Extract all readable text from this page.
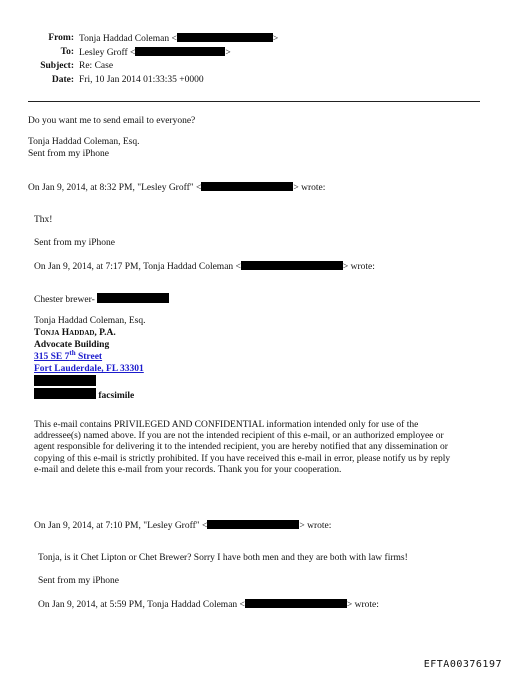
From: Tonja Haddad Coleman <	>
To: Lesley Groff <	>
Subject: Re: Case
Date: Fri, 10 Jan 2014 01:33:35 +0000
Do you want me to send email to everyone?
Tonja Haddad Coleman, Esq.
Sent from my iPhone
On Jan 9, 2014, at 8:32 PM, "Lesley Groff" <	> wrote:
Thx!
Sent from my iPhone
On Jan 9, 2014, at 7:17 PM, Tonja Haddad Coleman <	> wrote:
Chester brewer-
Tonja Haddad Coleman, Esq.
Tonja Haddad, P.A.
Advocate Building
315 SE 7th Street
Fort Lauderdale, FL 33301
facsimile
This e-mail contains PRIVILEGED AND CONFIDENTIAL information intended only for use of the
addressee(s) named above. If you are not the intended recipient of this e-mail, or an authorized employee or
agent responsible for delivering it to the intended recipient, you are hereby notified that any dissemination or
copying of this e-mail is strictly prohibited. If you have received this e-mail in error, please notify us by reply
e-mail and delete this e-mail from your records. Thank you for your cooperation.
On Jan 9, 2014, at 7:10 PM, "Lesley Groff" <	> wrote:
Tonja, is it Chet Lipton or Chet Brewer? Sorry I have both men and they are both with law firms!
Sent from my iPhone
On Jan 9, 2014, at 5:59 PM, Tonja Haddad Coleman <	> wrote:
EFTA00376197
